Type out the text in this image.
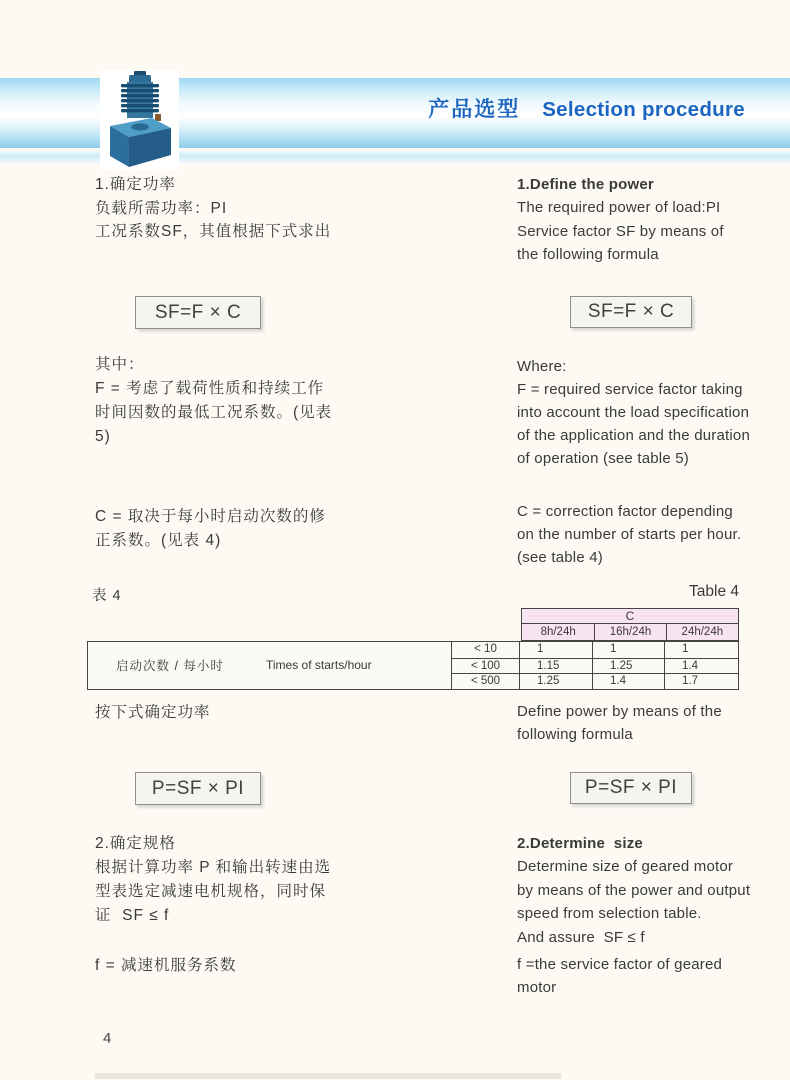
产品选型 Selection procedure
1.确定功率
负载所需功率：PI
工况系数SF，其值根据下式求出
SF=F × C
其中：
F = 考虑了载荷性质和持续工作
时间因数的最低工况系数。(见表
5)
C = 取决于每小时启动次数的修
正系数。(见表 4)
表 4	Table 4
C
8h/24h	16h/24h	24h/24h
启动次数 / 每小时	Times of starts/hour
< 10	1	1	1
< 100	1.15	1.25	1.4
< 500	1.25	1.4	1.7
按下式确定功率
P=SF × PI
2.确定规格
根据计算功率 P 和输出转速由选
型表选定减速电机规格，同时保
证  SF ≤ f
f = 减速机服务系数
1.Define the power
The required power of load:PI
Service factor SF by means of
the following formula
SF=F × C
Where:
F = required service factor taking
into account the load specification
of the application and the duration
of operation (see table 5)
C = correction factor depending
on the number of starts per hour.
(see table 4)
Define power by means of the
following formula
P=SF × PI
2.Determine  size
Determine size of geared motor
by means of the power and output
speed from selection table.
And assure  SF ≤ f
f =the service factor of geared
motor
4
